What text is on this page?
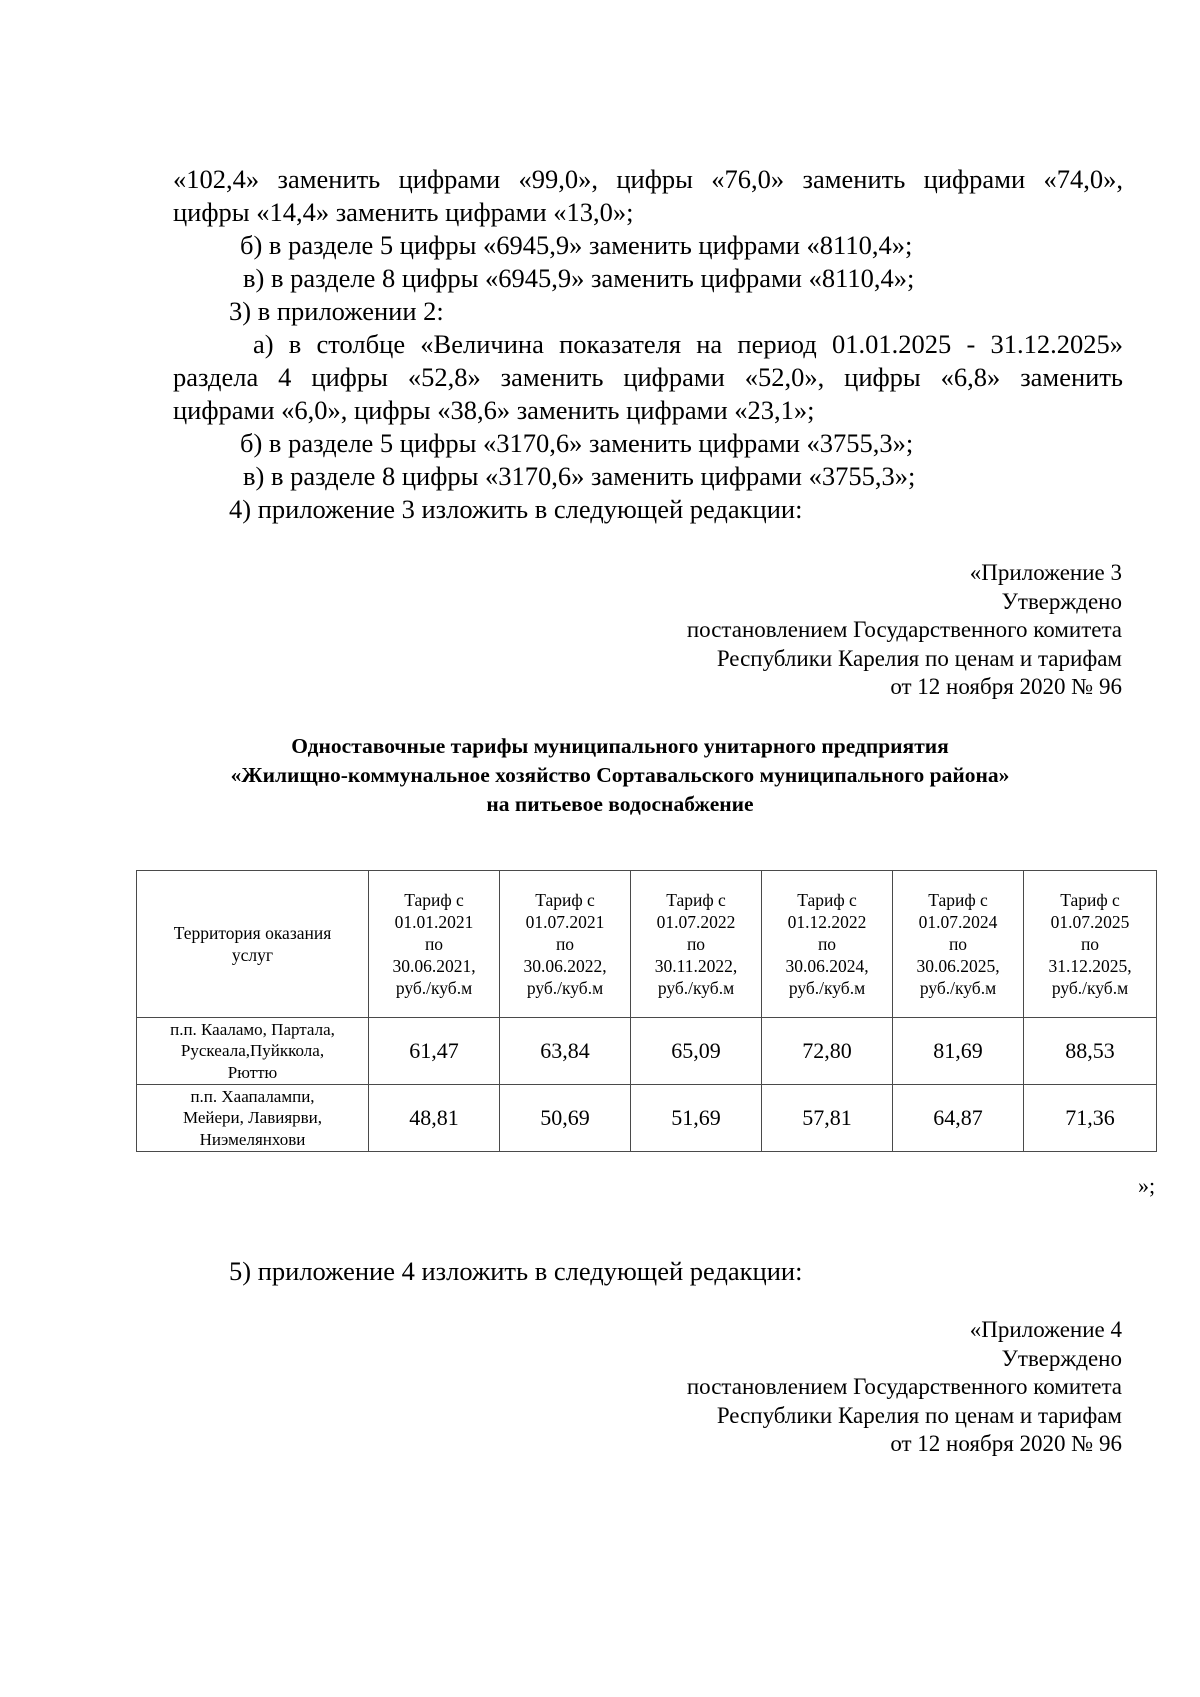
«102,4» заменить цифрами «99,0», цифры «76,0» заменить цифрами «74,0»,
цифры «14,4» заменить цифрами «13,0»;
б) в разделе 5 цифры «6945,9» заменить цифрами «8110,4»;
в) в разделе 8 цифры «6945,9» заменить цифрами «8110,4»;
3) в приложении 2:
а) в столбце «Величина показателя на период 01.01.2025 - 31.12.2025»
раздела 4 цифры «52,8» заменить цифрами «52,0», цифры «6,8» заменить
цифрами «6,0», цифры «38,6» заменить цифрами «23,1»;
б) в разделе 5 цифры «3170,6» заменить цифрами «3755,3»;
в) в разделе 8 цифры «3170,6» заменить цифрами «3755,3»;
4) приложение 3 изложить в следующей редакции:
«Приложение 3
Утверждено
постановлением Государственного комитета
Республики Карелия по ценам и тарифам
от 12 ноября 2020 № 96
Одноставочные тарифы муниципального унитарного предприятия
«Жилищно-коммунальное хозяйство Сортавальского муниципального района»
на питьевое водоснабжение
Территория оказания
услуг	Тариф с
01.01.2021
по
30.06.2021,
руб./куб.м	Тариф с
01.07.2021
по
30.06.2022,
руб./куб.м	Тариф с
01.07.2022
по
30.11.2022,
руб./куб.м	Тариф с
01.12.2022
по
30.06.2024,
руб./куб.м	Тариф с
01.07.2024
по
30.06.2025,
руб./куб.м	Тариф с
01.07.2025
по
31.12.2025,
руб./куб.м

п.п. Кааламо, Партала,
Рускеала,Пуйккола,
Рюттю	61,47	63,84	65,09	72,80	81,69	88,53

п.п. Хаапалампи,
Мейери, Лавиярви,
Ниэмелянхови	48,81	50,69	51,69	57,81	64,87	71,36
»;
5) приложение 4 изложить в следующей редакции:
«Приложение 4
Утверждено
постановлением Государственного комитета
Республики Карелия по ценам и тарифам
от 12 ноября 2020 № 96
